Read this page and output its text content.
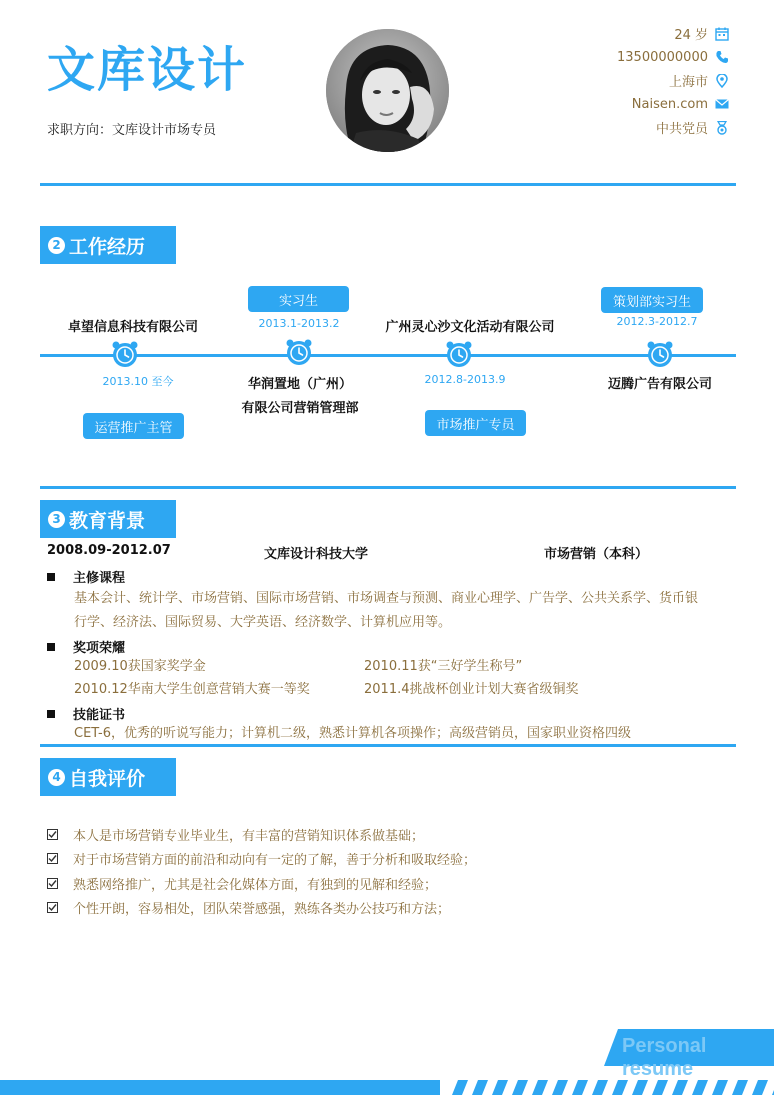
文库设计
求职方向：文库设计市场专员
24 岁
13500000000
上海市
Naisen.com
中共党员
2 工作经历
卓望信息科技有限公司
2013.10 至今
运营推广主管
实习生
2013.1-2013.2
华润置地（广州）
有限公司营销管理部
广州灵心沙文化活动有限公司
2012.8-2013.9
市场推广专员
策划部实习生
2012.3-2012.7
迈腾广告有限公司
3 教育背景
2008.09-2012.07	文库设计科技大学	市场营销（本科）
主修课程
基本会计、统计学、市场营销、国际市场营销、市场调查与预测、商业心理学、广告学、公共关系学、货币银
行学、经济法、国际贸易、大学英语、经济数学、计算机应用等。
奖项荣耀
2009.10获国家奖学金	2010.11获“三好学生称号”
2010.12华南大学生创意营销大赛一等奖	2011.4挑战杯创业计划大赛省级铜奖
技能证书
CET-6，优秀的听说写能力；计算机二级，熟悉计算机各项操作；高级营销员，国家职业资格四级
4 自我评价
本人是市场营销专业毕业生，有丰富的营销知识体系做基础；
对于市场营销方面的前沿和动向有一定的了解，善于分析和吸取经验；
熟悉网络推广，尤其是社会化媒体方面，有独到的见解和经验；
个性开朗，容易相处，团队荣誉感强，熟练各类办公技巧和方法；
Personal resume
